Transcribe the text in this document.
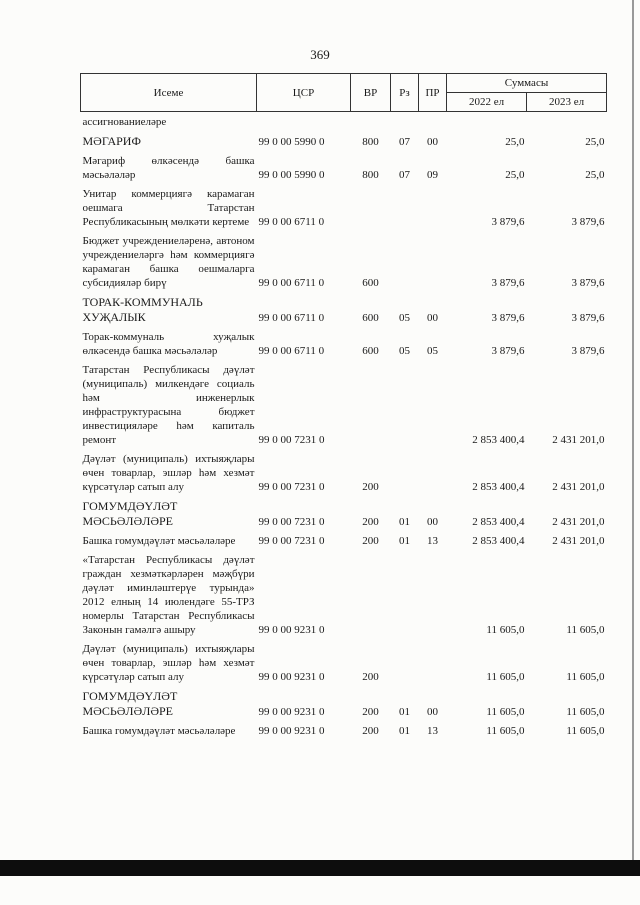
369
Исеме	ЦСР	ВР	Рз	ПР	Суммасы	
					2022 ел	2023 ел
ассигнованиеләре						
МӘГАРИФ	99 0 00 5990 0	800	07	00	25,0	25,0
Мәгариф өлкәсендә башка мәсьәләләр	99 0 00 5990 0	800	07	09	25,0	25,0
Унитар коммерциягә карамаган оешмага Татарстан Республикасының мөлкәти кертеме	99 0 00 6711 0				3 879,6	3 879,6
Бюджет учреждениеләренә, автоном учреждениеләргә һәм коммерциягә карамаган башка оешмаларга субсидияләр бирү	99 0 00 6711 0	600			3 879,6	3 879,6
ТОРАК-КОММУНАЛЬ ХУҖАЛЫК	99 0 00 6711 0	600	05	00	3 879,6	3 879,6
Торак-коммуналь хуҗалык өлкәсендә башка мәсьәләләр	99 0 00 6711 0	600	05	05	3 879,6	3 879,6
Татарстан Республикасы дәүләт (муниципаль) милкендәге социаль һәм инженерлык инфраструктурасына бюджет инвестицияләре һәм капиталь ремонт	99 0 00 7231 0				2 853 400,4	2 431 201,0
Дәүләт (муниципаль) ихтыяҗлары өчен товарлар, эшләр һәм хезмәт күрсәтүләр сатып алу	99 0 00 7231 0	200			2 853 400,4	2 431 201,0
ГОМУМДӘҮЛӘТ МӘСЬӘЛӘЛӘРЕ	99 0 00 7231 0	200	01	00	2 853 400,4	2 431 201,0
Башка гомумдәүләт мәсьәләләре	99 0 00 7231 0	200	01	13	2 853 400,4	2 431 201,0
«Татарстан Республикасы дәүләт граждан хезмәткәрләрен мәҗбүри дәүләт иминләштерүе турында» 2012 елның 14 июлендәге 55-ТРЗ номерлы Татарстан Республикасы Законын гамәлгә ашыру	99 0 00 9231 0				11 605,0	11 605,0
Дәүләт (муниципаль) ихтыяҗлары өчен товарлар, эшләр һәм хезмәт күрсәтүләр сатып алу	99 0 00 9231 0	200			11 605,0	11 605,0
ГОМУМДӘҮЛӘТ МӘСЬӘЛӘЛӘРЕ	99 0 00 9231 0	200	01	00	11 605,0	11 605,0
Башка гомумдәүләт мәсьәләләре	99 0 00 9231 0	200	01	13	11 605,0	11 605,0
